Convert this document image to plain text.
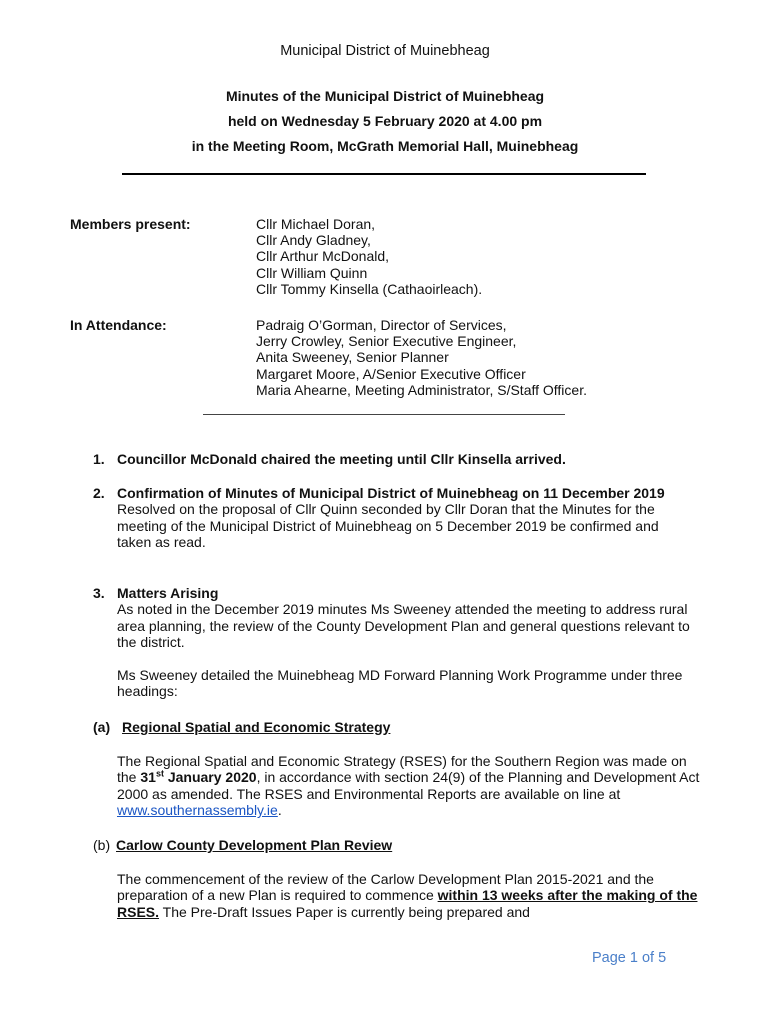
Municipal District of Muinebheag
Minutes of the Municipal District of Muinebheag
held on Wednesday 5 February 2020 at 4.00 pm
in the Meeting Room, McGrath Memorial Hall, Muinebheag
Members present:	Cllr Michael Doran,
Cllr Andy Gladney,
Cllr Arthur McDonald,
Cllr William Quinn
Cllr Tommy Kinsella (Cathaoirleach).
In Attendance:	Padraig O’Gorman, Director of Services,
Jerry Crowley, Senior Executive Engineer,
Anita Sweeney, Senior Planner
Margaret Moore, A/Senior Executive Officer
Maria Ahearne, Meeting Administrator, S/Staff Officer.
1. Councillor McDonald chaired the meeting until Cllr Kinsella arrived.
2. Confirmation of Minutes of Municipal District of Muinebheag on 11 December 2019
Resolved on the proposal of Cllr Quinn seconded by Cllr Doran that the Minutes for the meeting of the Municipal District of Muinebheag on 5 December 2019 be confirmed and taken as read.
3. Matters Arising
As noted in the December 2019 minutes Ms Sweeney attended the meeting to address rural area planning, the review of the County Development Plan and general questions relevant to the district.
Ms Sweeney detailed the Muinebheag MD Forward Planning Work Programme under three headings:
(a) Regional Spatial and Economic Strategy
The Regional Spatial and Economic Strategy (RSES) for the Southern Region was made on the 31st January 2020, in accordance with section 24(9) of the Planning and Development Act 2000 as amended. The RSES and Environmental Reports are available on line at www.southernassembly.ie.
(b) Carlow County Development Plan Review
The commencement of the review of the Carlow Development Plan 2015-2021 and the preparation of a new Plan is required to commence within 13 weeks after the making of the RSES. The Pre-Draft Issues Paper is currently being prepared and
Page 1 of 5
